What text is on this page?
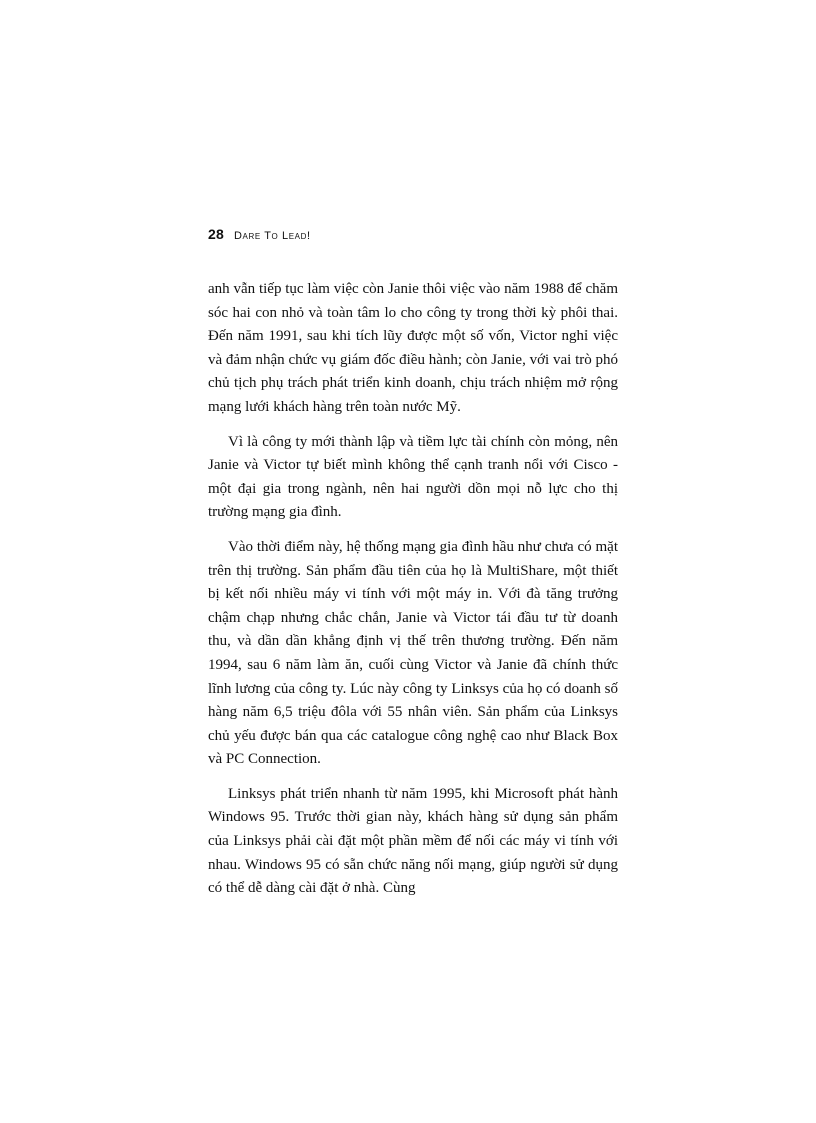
28 Dare To Lead!

anh vẫn tiếp tục làm việc còn Janie thôi việc vào năm 1988 để chăm sóc hai con nhỏ và toàn tâm lo cho công ty trong thời kỳ phôi thai. Đến năm 1991, sau khi tích lũy được một số vốn, Victor nghỉ việc và đảm nhận chức vụ giám đốc điều hành; còn Janie, với vai trò phó chủ tịch phụ trách phát triển kinh doanh, chịu trách nhiệm mở rộng mạng lưới khách hàng trên toàn nước Mỹ.

Vì là công ty mới thành lập và tiềm lực tài chính còn mỏng, nên Janie và Victor tự biết mình không thể cạnh tranh nổi với Cisco - một đại gia trong ngành, nên hai người dồn mọi nỗ lực cho thị trường mạng gia đình.

Vào thời điểm này, hệ thống mạng gia đình hầu như chưa có mặt trên thị trường. Sản phẩm đầu tiên của họ là MultiShare, một thiết bị kết nối nhiều máy vi tính với một máy in. Với đà tăng trưởng chậm chạp nhưng chắc chắn, Janie và Victor tái đầu tư từ doanh thu, và dần dần khẳng định vị thế trên thương trường. Đến năm 1994, sau 6 năm làm ăn, cuối cùng Victor và Janie đã chính thức lĩnh lương của công ty. Lúc này công ty Linksys của họ có doanh số hàng năm 6,5 triệu đôla với 55 nhân viên. Sản phẩm của Linksys chủ yếu được bán qua các catalogue công nghệ cao như Black Box và PC Connection.

Linksys phát triển nhanh từ năm 1995, khi Microsoft phát hành Windows 95. Trước thời gian này, khách hàng sử dụng sản phẩm của Linksys phải cài đặt một phần mềm để nối các máy vi tính với nhau. Windows 95 có sẵn chức năng nối mạng, giúp người sử dụng có thể dễ dàng cài đặt ở nhà. Cùng
